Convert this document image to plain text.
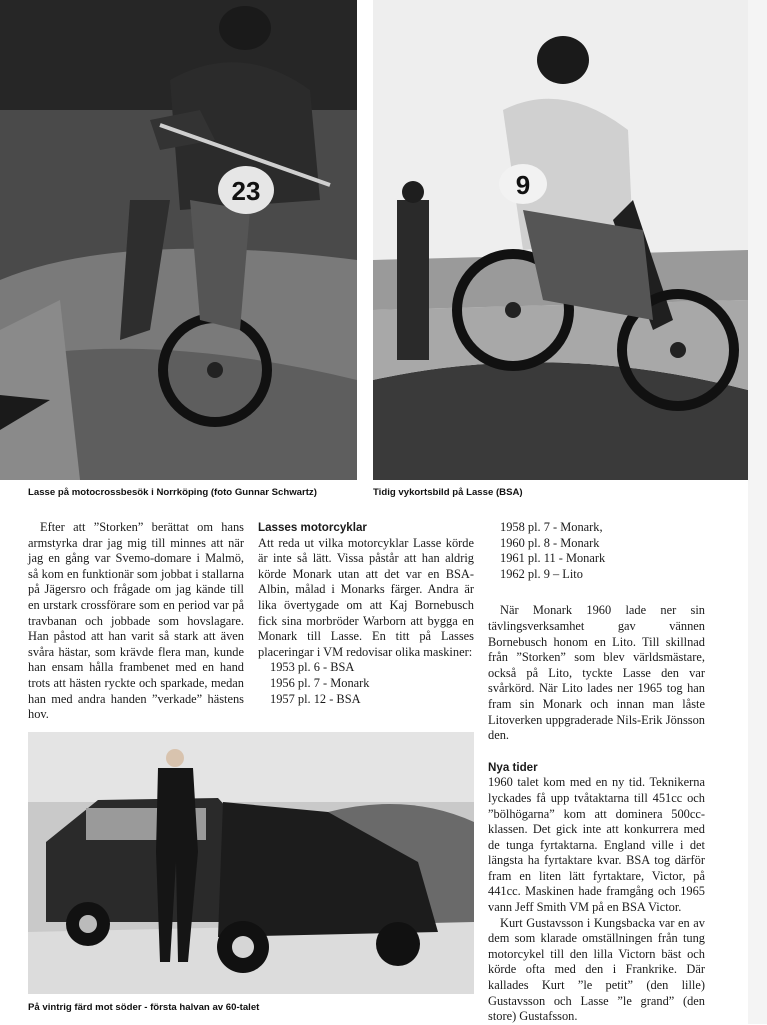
23
Lasse på motocrossbesök i Norrköping (foto Gunnar Schwartz)
9
Tidig vykortsbild på Lasse (BSA)

Efter att ”Storken” berättat om hans armstyrka drar jag mig till minnes att när jag en gång var Svemo-domare i Malmö, så kom en funktionär som jobbat i stallarna på Jägersro och frågade om jag kände till en urstark crossförare som en period var på travbanan och jobbade som hovslagare. Han påstod att han varit så stark att även svåra hästar, som krävde flera man, kunde han ensam hålla frambenet med en hand trots att hästen ryckte och sparkade, medan han med andra handen ”verkade” hästens hov.

Lasses motorcyklar

Att reda ut vilka motorcyklar Lasse körde är inte så lätt. Vissa påstår att han aldrig körde Monark utan att det var en BSA-Albin, målad i Monarks färger. Andra är lika övertygade om att Kaj Bornebusch fick sina morbröder Warborn att bygga en Monark till Lasse. En titt på Lasses placeringar i VM redovisar olika maskiner:

1953 pl. 6 - BSA
1956 pl. 7 - Monark
1957 pl. 12 - BSA
1958 pl. 7 - Monark,
1960 pl. 8 - Monark
1961 pl. 11 - Monark
1962 pl. 9 – Lito

När Monark 1960 lade ner sin tävlingsverksamhet gav vännen Bornebusch honom en Lito. Till skillnad från ”Storken” som blev världsmästare, också på Lito, tyckte Lasse den var svårkörd. När Lito lades ner 1965 tog han fram sin Monark och innan man låste Litoverken uppgraderade Nils-Erik Jönsson den.

Nya tider

1960 talet kom med en ny tid. Teknikerna lyckades få upp tvåtaktarna till 451cc och ”bölhögarna” kom att dominera 500cc-klassen. Det gick inte att konkurrera med de tunga fyrtaktarna. England ville i det längsta ha fyrtaktare kvar. BSA tog därför fram en liten lätt fyrtaktare, Victor, på 441cc. Maskinen hade framgång och 1965 vann Jeff Smith VM på en BSA Victor.

Kurt Gustavsson i Kungsbacka var en av dem som klarade omställningen från tung motorcykel till den lilla Victorn bäst och körde ofta med den i Frankrike. Där kallades Kurt ”le petit” (den lille) Gustavsson och Lasse ”le grand” (den store) Gustafsson.

På vintrig färd mot söder - första halvan av 60-talet
